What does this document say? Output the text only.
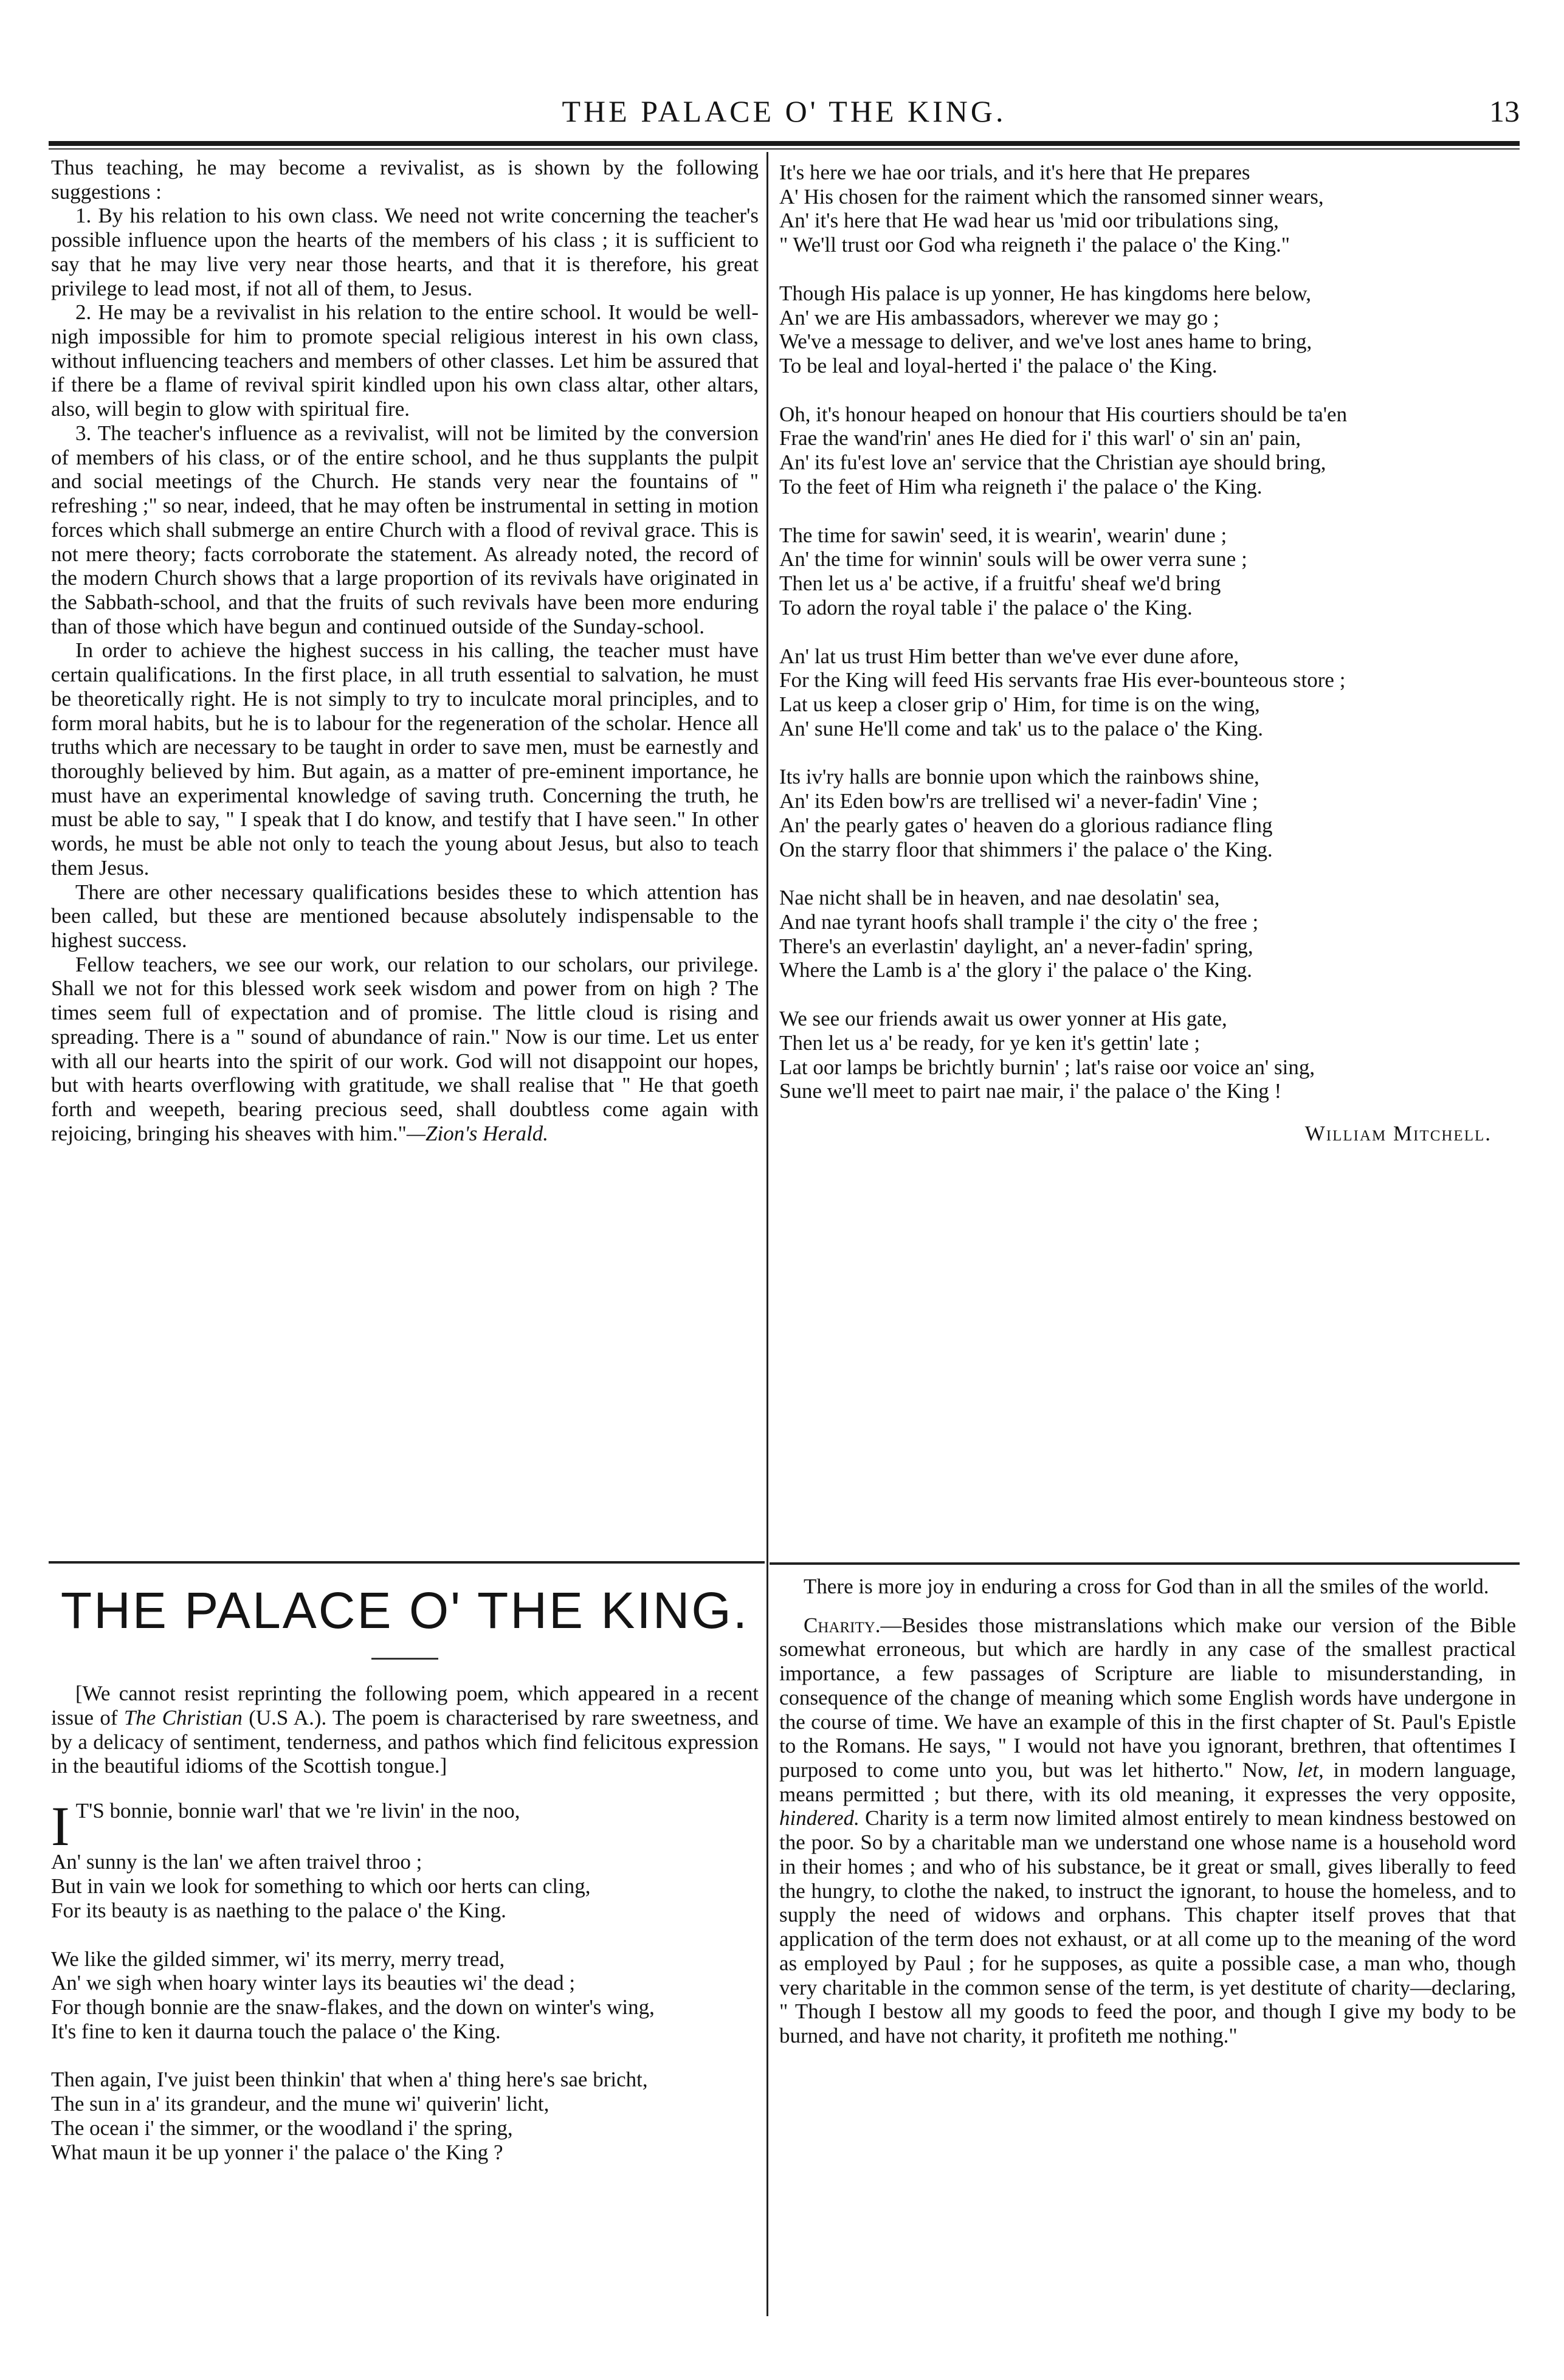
THE PALACE O' THE KING.	13

Thus teaching, he may become a revivalist, as is shown by the following suggestions :

1. By his relation to his own class. We need not write concerning the teacher's possible influence upon the hearts of the members of his class ; it is sufficient to say that he may live very near those hearts, and that it is therefore, his great privilege to lead most, if not all of them, to Jesus.

2. He may be a revivalist in his relation to the entire school. It would be well-nigh impossible for him to promote special religious interest in his own class, without influencing teachers and members of other classes. Let him be assured that if there be a flame of revival spirit kindled upon his own class altar, other altars, also, will begin to glow with spiritual fire.

3. The teacher's influence as a revivalist, will not be limited by the conversion of members of his class, or of the entire school, and he thus supplants the pulpit and social meetings of the Church. He stands very near the fountains of " refreshing ;" so near, indeed, that he may often be instrumental in setting in motion forces which shall submerge an entire Church with a flood of revival grace. This is not mere theory; facts corroborate the statement. As already noted, the record of the modern Church shows that a large proportion of its revivals have originated in the Sabbath-school, and that the fruits of such revivals have been more enduring than of those which have begun and continued outside of the Sunday-school.

In order to achieve the highest success in his calling, the teacher must have certain qualifications. In the first place, in all truth essential to salvation, he must be theoretically right. He is not simply to try to inculcate moral principles, and to form moral habits, but he is to labour for the regeneration of the scholar. Hence all truths which are necessary to be taught in order to save men, must be earnestly and thoroughly believed by him. But again, as a matter of pre-eminent importance, he must have an experimental knowledge of saving truth. Concerning the truth, he must be able to say, " I speak that I do know, and testify that I have seen." In other words, he must be able not only to teach the young about Jesus, but also to teach them Jesus.

There are other necessary qualifications besides these to which attention has been called, but these are mentioned because absolutely indispensable to the highest success.

Fellow teachers, we see our work, our relation to our scholars, our privilege. Shall we not for this blessed work seek wisdom and power from on high ? The times seem full of expectation and of promise. The little cloud is rising and spreading. There is a " sound of abundance of rain." Now is our time. Let us enter with all our hearts into the spirit of our work. God will not disappoint our hopes, but with hearts overflowing with gratitude, we shall realise that " He that goeth forth and weepeth, bearing precious seed, shall doubtless come again with rejoicing, bringing his sheaves with him."—Zion's Herald.

THE PALACE O' THE KING.

[We cannot resist reprinting the following poem, which appeared in a recent issue of The Christian (U.S A.). The poem is characterised by rare sweetness, and by a delicacy of sentiment, tenderness, and pathos which find felicitous expression in the beautiful idioms of the Scottish tongue.]

I T'S bonnie, bonnie warl' that we 're livin' in the noo,
An' sunny is the lan' we aften traivel throo ;
But in vain we look for something to which oor herts can cling,
For its beauty is as naething to the palace o' the King.
We like the gilded simmer, wi' its merry, merry tread,
An' we sigh when hoary winter lays its beauties wi' the dead ;
For though bonnie are the snaw-flakes, and the down on winter's wing,
It's fine to ken it daurna touch the palace o' the King.
Then again, I've juist been thinkin' that when a' thing here's sae bricht,
The sun in a' its grandeur, and the mune wi' quiverin' licht,
The ocean i' the simmer, or the woodland i' the spring,
What maun it be up yonner i' the palace o' the King ?
It's here we hae oor trials, and it's here that He prepares
A' His chosen for the raiment which the ransomed sinner wears,
An' it's here that He wad hear us 'mid oor tribulations sing,
" We'll trust oor God wha reigneth i' the palace o' the King."
Though His palace is up yonner, He has kingdoms here below,
An' we are His ambassadors, wherever we may go ;
We've a message to deliver, and we've lost anes hame to bring,
To be leal and loyal-herted i' the palace o' the King.
Oh, it's honour heaped on honour that His courtiers should be ta'en
Frae the wand'rin' anes He died for i' this warl' o' sin an' pain,
An' its fu'est love an' service that the Christian aye should bring,
To the feet of Him wha reigneth i' the palace o' the King.
The time for sawin' seed, it is wearin', wearin' dune ;
An' the time for winnin' souls will be ower verra sune ;
Then let us a' be active, if a fruitfu' sheaf we'd bring
To adorn the royal table i' the palace o' the King.
An' lat us trust Him better than we've ever dune afore,
For the King will feed His servants frae His ever-bounteous store ;
Lat us keep a closer grip o' Him, for time is on the wing,
An' sune He'll come and tak' us to the palace o' the King.
Its iv'ry halls are bonnie upon which the rainbows shine,
An' its Eden bow'rs are trellised wi' a never-fadin' Vine ;
An' the pearly gates o' heaven do a glorious radiance fling
On the starry floor that shimmers i' the palace o' the King.
Nae nicht shall be in heaven, and nae desolatin' sea,
And nae tyrant hoofs shall trample i' the city o' the free ;
There's an everlastin' daylight, an' a never-fadin' spring,
Where the Lamb is a' the glory i' the palace o' the King.
We see our friends await us ower yonner at His gate,
Then let us a' be ready, for ye ken it's gettin' late ;
Lat oor lamps be brichtly burnin' ; lat's raise oor voice an' sing,
Sune we'll meet to pairt nae mair, i' the palace o' the King !
William Mitchell.

There is more joy in enduring a cross for God than in all the smiles of the world.

Charity.—Besides those mistranslations which make our version of the Bible somewhat erroneous, but which are hardly in any case of the smallest practical importance, a few passages of Scripture are liable to misunderstanding, in consequence of the change of meaning which some English words have undergone in the course of time. We have an example of this in the first chapter of St. Paul's Epistle to the Romans. He says, " I would not have you ignorant, brethren, that oftentimes I purposed to come unto you, but was let hitherto." Now, let, in modern language, means permitted ; but there, with its old meaning, it expresses the very opposite, hindered. Charity is a term now limited almost entirely to mean kindness bestowed on the poor. So by a charitable man we understand one whose name is a household word in their homes ; and who of his substance, be it great or small, gives liberally to feed the hungry, to clothe the naked, to instruct the ignorant, to house the homeless, and to supply the need of widows and orphans. This chapter itself proves that that application of the term does not exhaust, or at all come up to the meaning of the word as employed by Paul ; for he supposes, as quite a possible case, a man who, though very charitable in the common sense of the term, is yet destitute of charity—declaring, " Though I bestow all my goods to feed the poor, and though I give my body to be burned, and have not charity, it profiteth me nothing."
